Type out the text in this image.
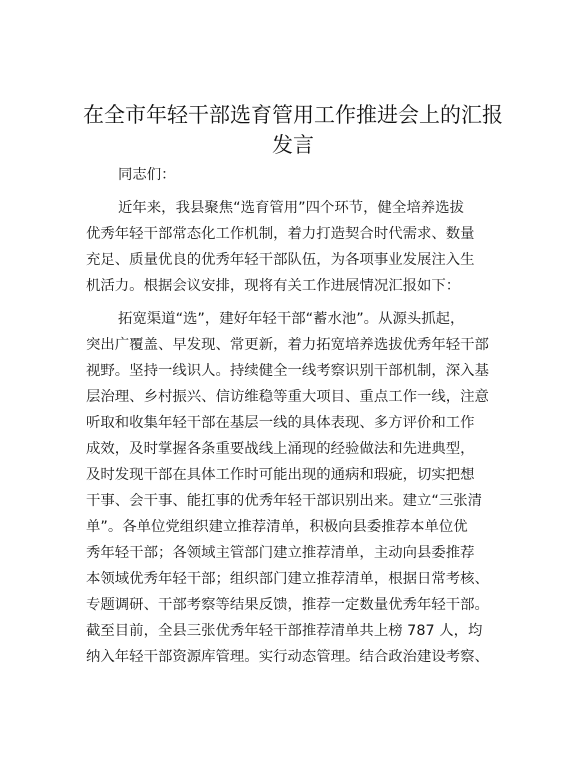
在全市年轻干部选育管用工作推进会上的汇报
发言
同志们：
近年来，我县聚焦“选育管用”四个环节，健全培养选拔
优秀年轻干部常态化工作机制，着力打造契合时代需求、数量
充足、质量优良的优秀年轻干部队伍，为各项事业发展注入生
机活力。根据会议安排，现将有关工作进展情况汇报如下：
拓宽渠道“选”，建好年轻干部“蓄水池”。从源头抓起，
突出广覆盖、早发现、常更新，着力拓宽培养选拔优秀年轻干部
视野。坚持一线识人。持续健全一线考察识别干部机制，深入基
层治理、乡村振兴、信访维稳等重大项目、重点工作一线，注意
听取和收集年轻干部在基层一线的具体表现、多方评价和工作
成效，及时掌握各条重要战线上涌现的经验做法和先进典型，
及时发现干部在具体工作时可能出现的通病和瑕疵，切实把想
干事、会干事、能扛事的优秀年轻干部识别出来。建立“三张清
单”。各单位党组织建立推荐清单，积极向县委推荐本单位优
秀年轻干部；各领域主管部门建立推荐清单，主动向县委推荐
本领域优秀年轻干部；组织部门建立推荐清单，根据日常考核、
专题调研、干部考察等结果反馈，推荐一定数量优秀年轻干部。
截至目前，全县三张优秀年轻干部推荐清单共上榜 787 人，均
纳入年轻干部资源库管理。实行动态管理。结合政治建设考察、
